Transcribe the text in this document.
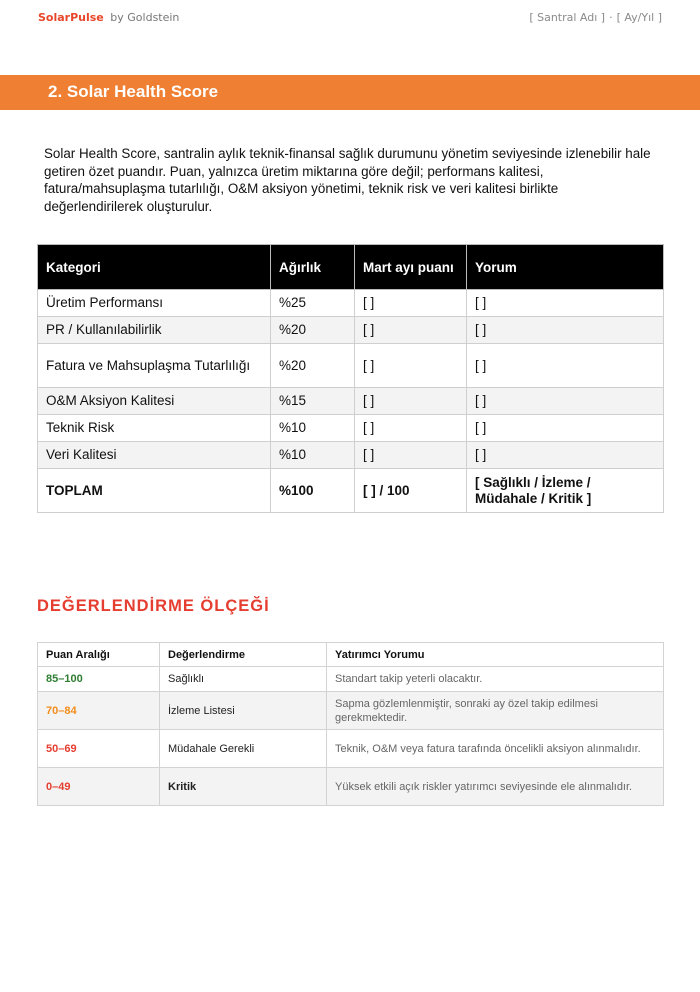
SolarPulse by Goldstein	[ Santral Adı ] · [ Ay/Yıl ]
2. Solar Health Score
Solar Health Score, santralin aylık teknik-finansal sağlık durumunu yönetim seviyesinde izlenebilir hale getiren özet puandır. Puan, yalnızca üretim miktarına göre değil; performans kalitesi, fatura/mahsuplaşma tutarlılığı, O&M aksiyon yönetimi, teknik risk ve veri kalitesi birlikte değerlendirilerek oluşturulur.
Kategori	Ağırlık	Mart ayı puanı	Yorum
Üretim Performansı	%25	[ ]	[ ]
PR / Kullanılabilirlik	%20	[ ]	[ ]
Fatura ve Mahsuplaşma Tutarlılığı	%20	[ ]	[ ]
O&M Aksiyon Kalitesi	%15	[ ]	[ ]
Teknik Risk	%10	[ ]	[ ]
Veri Kalitesi	%10	[ ]	[ ]
TOPLAM	%100	[ ] / 100	[ Sağlıklı / İzleme / Müdahale / Kritik ]
DEĞERLENDİRME ÖLÇEĞİ
Puan Aralığı	Değerlendirme	Yatırımcı Yorumu
85–100	Sağlıklı	Standart takip yeterli olacaktır.
70–84	İzleme Listesi	Sapma gözlemlenmiştir, sonraki ay özel takip edilmesi gerekmektedir.
50–69	Müdahale Gerekli	Teknik, O&M veya fatura tarafında öncelikli aksiyon alınmalıdır.
0–49	Kritik	Yüksek etkili açık riskler yatırımcı seviyesinde ele alınmalıdır.
